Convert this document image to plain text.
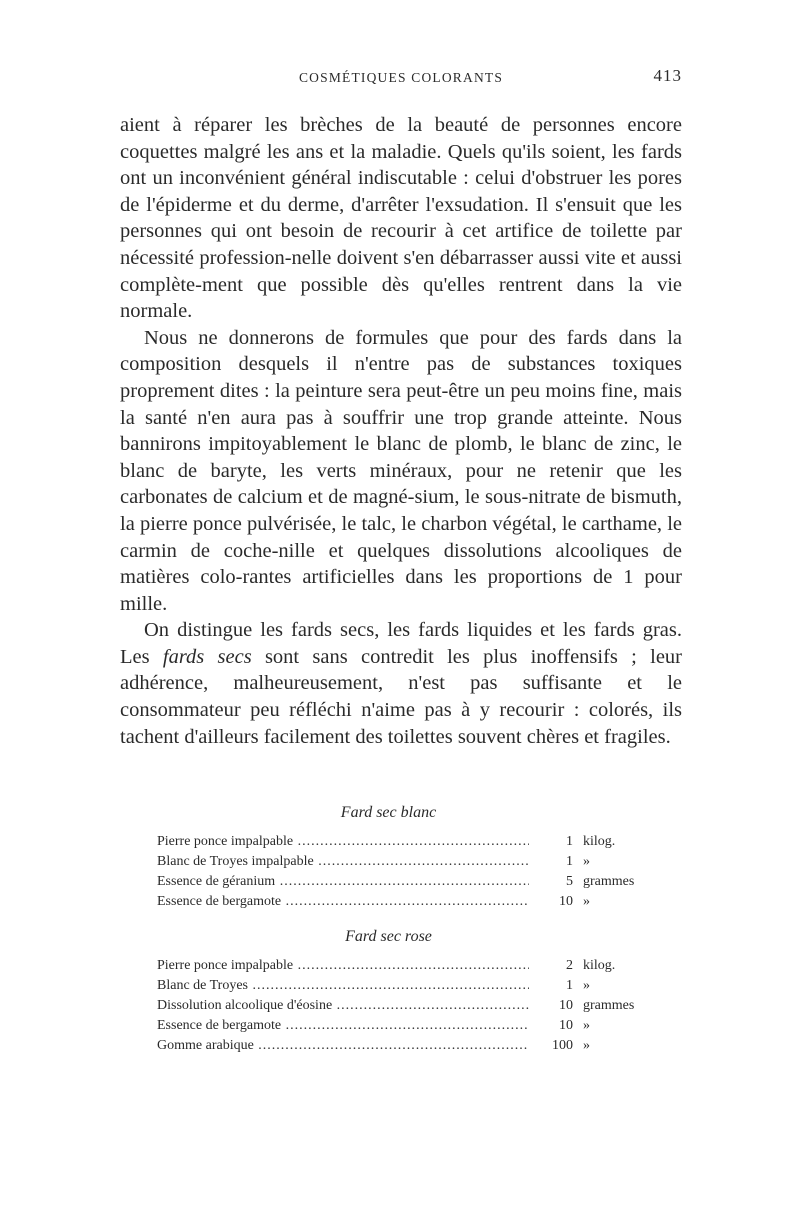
COSMÉTIQUES COLORANTS	413

aient à réparer les brèches de la beauté de personnes encore coquettes malgré les ans et la maladie. Quels qu'ils soient, les fards ont un inconvénient général indiscutable : celui d'obstruer les pores de l'épiderme et du derme, d'arrêter l'exsudation. Il s'ensuit que les personnes qui ont besoin de recourir à cet artifice de toilette par nécessité profession-nelle doivent s'en débarrasser aussi vite et aussi complète-ment que possible dès qu'elles rentrent dans la vie normale.

Nous ne donnerons de formules que pour des fards dans la composition desquels il n'entre pas de substances toxiques proprement dites : la peinture sera peut-être un peu moins fine, mais la santé n'en aura pas à souffrir une trop grande atteinte. Nous bannirons impitoyablement le blanc de plomb, le blanc de zinc, le blanc de baryte, les verts minéraux, pour ne retenir que les carbonates de calcium et de magné-sium, le sous-nitrate de bismuth, la pierre ponce pulvérisée, le talc, le charbon végétal, le carthame, le carmin de coche-nille et quelques dissolutions alcooliques de matières colo-rantes artificielles dans les proportions de 1 pour mille.

On distingue les fards secs, les fards liquides et les fards gras. Les fards secs sont sans contredit les plus inoffensifs ; leur adhérence, malheureusement, n'est pas suffisante et le consommateur peu réfléchi n'aime pas à y recourir : colorés, ils tachent d'ailleurs facilement des toilettes souvent chères et fragiles.

Fard sec blanc
Pierre ponce impalpable .....	1 kilog.
Blanc de Troyes impalpable .....	1 »
Essence de géranium .....	5 grammes
Essence de bergamote .....	10 »
Fard sec rose
Pierre ponce impalpable .....	2 kilog.
Blanc de Troyes .....	1 »
Dissolution alcoolique d'éosine .....	10 grammes
Essence de bergamote .....	10 »
Gomme arabique .....	100 »
